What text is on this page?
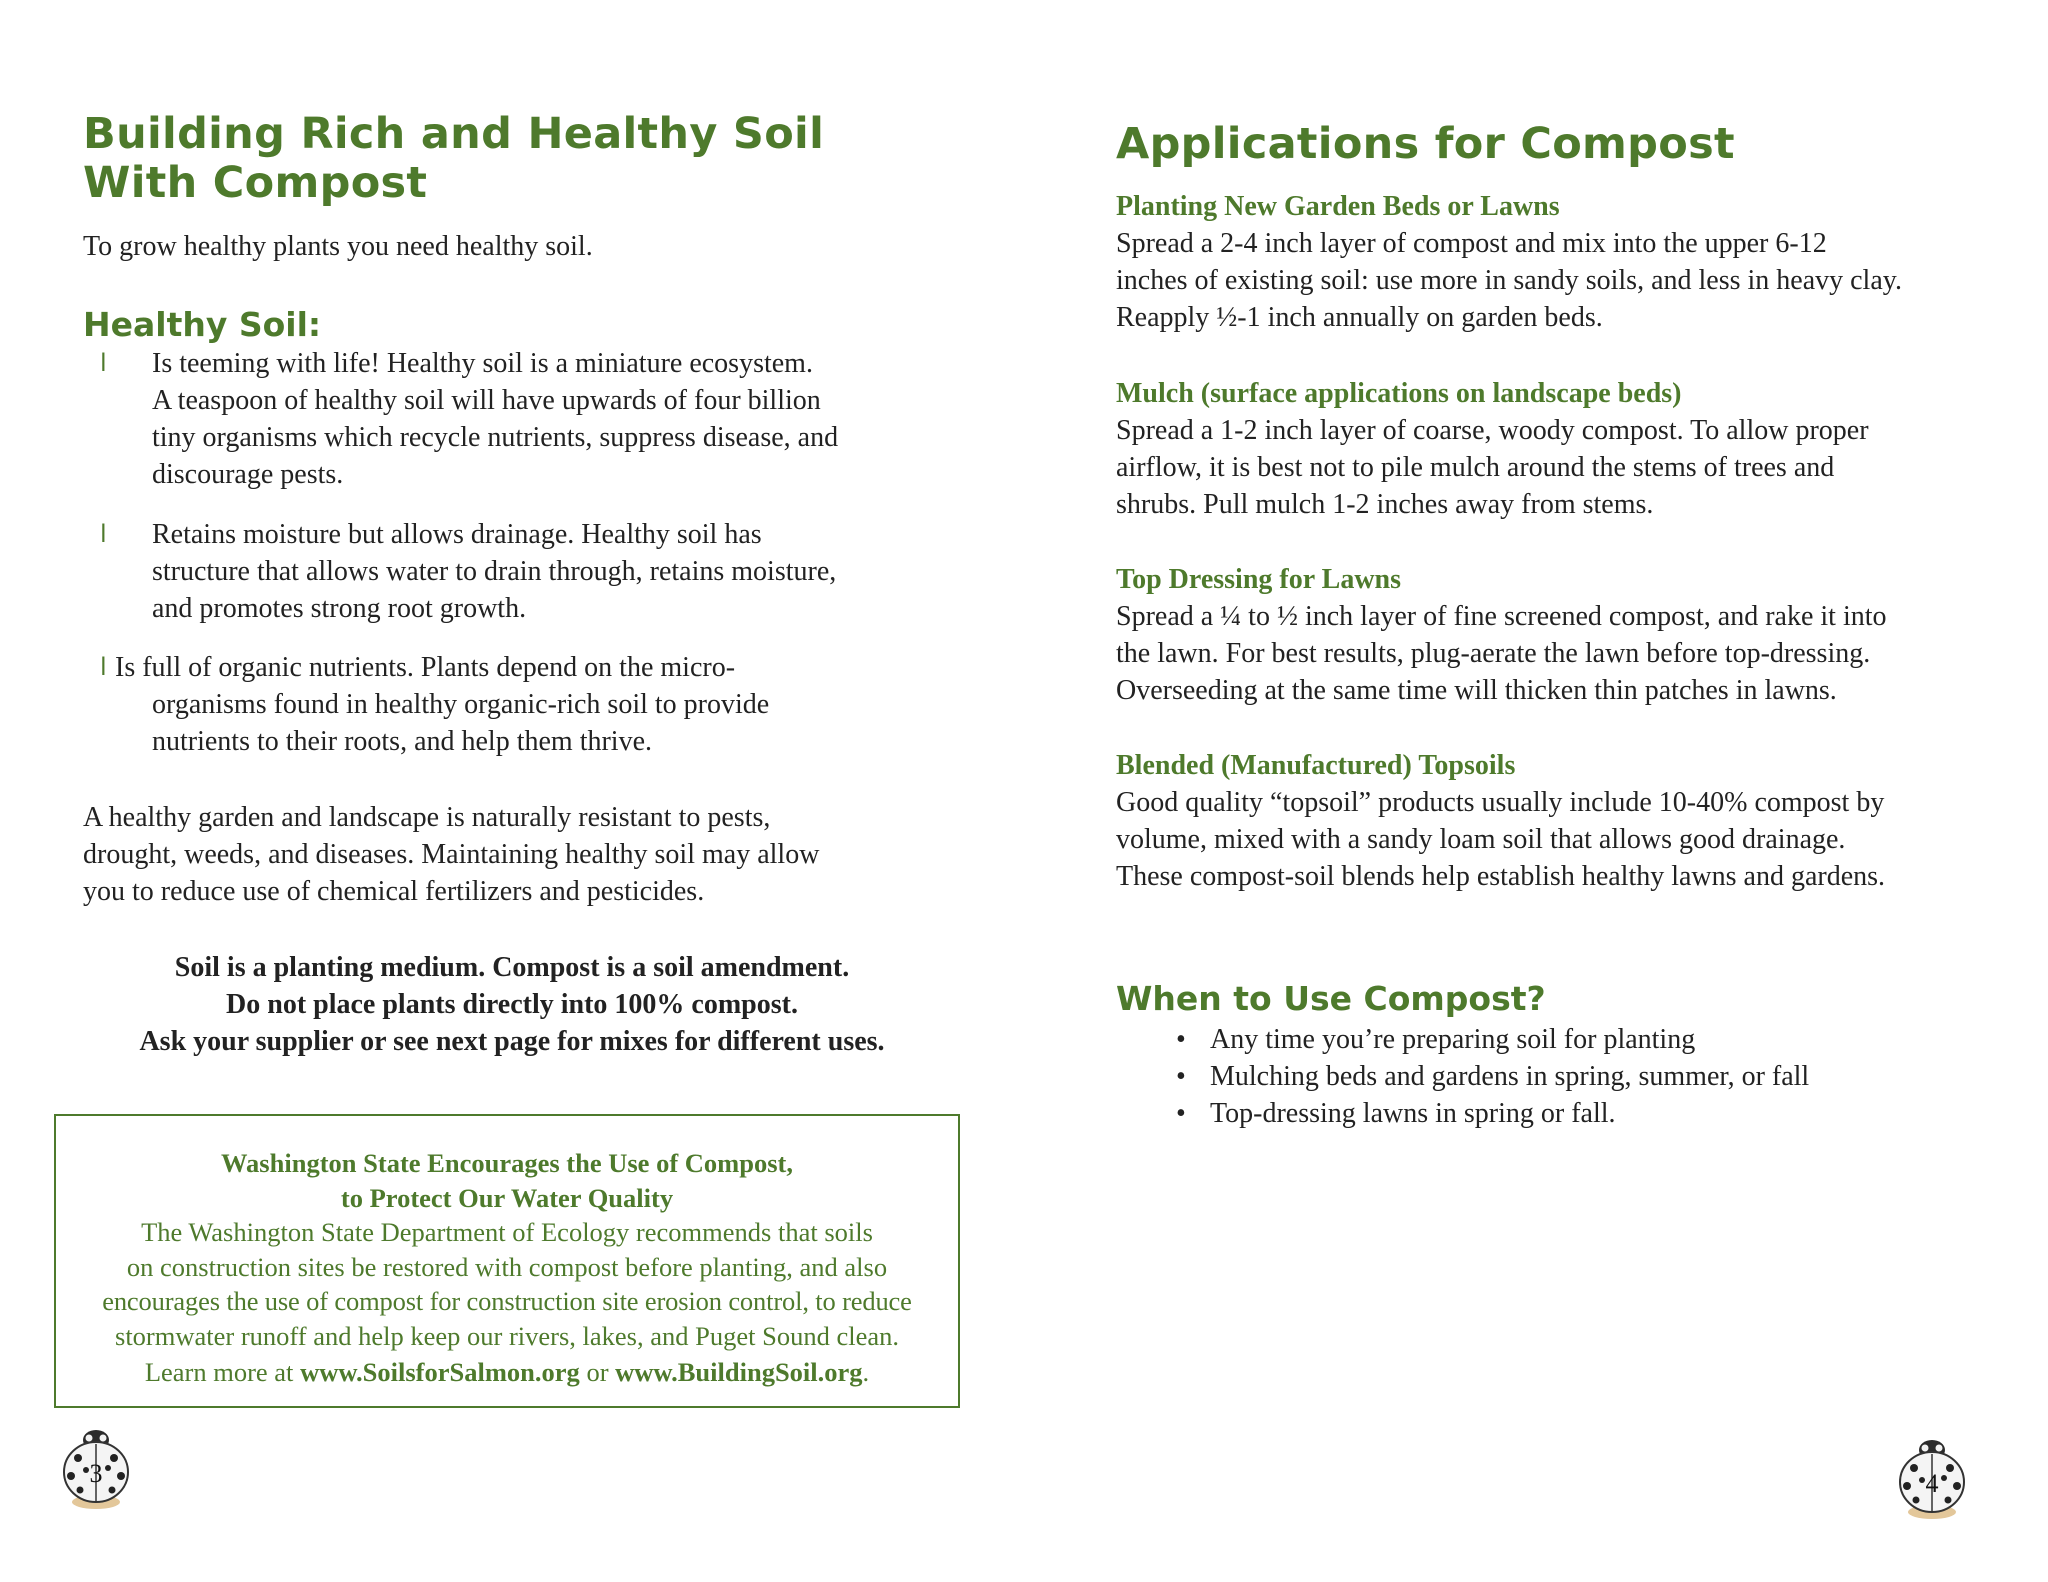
Building Rich and Healthy Soil
With Compost

To grow healthy plants you need healthy soil.

Healthy Soil:
l Is teeming with life! Healthy soil is a miniature ecosystem.
A teaspoon of healthy soil will have upwards of four billion
tiny organisms which recycle nutrients, suppress disease, and
discourage pests.
l Retains moisture but allows drainage. Healthy soil has
structure that allows water to drain through, retains moisture,
and promotes strong root growth.
l Is full of organic nutrients. Plants depend on the micro-
organisms found in healthy organic-rich soil to provide
nutrients to their roots, and help them thrive.
A healthy garden and landscape is naturally resistant to pests,
drought, weeds, and diseases. Maintaining healthy soil may allow
you to reduce use of chemical fertilizers and pesticides.
Soil is a planting medium. Compost is a soil amendment.
Do not place plants directly into 100% compost.
Ask your supplier or see next page for mixes for different uses.
Washington State Encourages the Use of Compost,
to Protect Our Water Quality
The Washington State Department of Ecology recommends that soils
on construction sites be restored with compost before planting, and also
encourages the use of compost for construction site erosion control, to reduce
stormwater runoff and help keep our rivers, lakes, and Puget Sound clean.
Learn more at www.SoilsforSalmon.org or www.BuildingSoil.org.
3
Applications for Compost
Planting New Garden Beds or Lawns
Spread a 2-4 inch layer of compost and mix into the upper 6-12
inches of existing soil: use more in sandy soils, and less in heavy clay.
Reapply ½-1 inch annually on garden beds.
Mulch (surface applications on landscape beds)
Spread a 1-2 inch layer of coarse, woody compost. To allow proper
airflow, it is best not to pile mulch around the stems of trees and
shrubs. Pull mulch 1-2 inches away from stems.
Top Dressing for Lawns
Spread a ¼ to ½ inch layer of fine screened compost, and rake it into
the lawn. For best results, plug-aerate the lawn before top-dressing.
Overseeding at the same time will thicken thin patches in lawns.
Blended (Manufactured) Topsoils
Good quality “topsoil” products usually include 10-40% compost by
volume, mixed with a sandy loam soil that allows good drainage.
These compost-soil blends help establish healthy lawns and gardens.
When to Use Compost?
• Any time you’re preparing soil for planting
• Mulching beds and gardens in spring, summer, or fall
• Top-dressing lawns in spring or fall.
4
